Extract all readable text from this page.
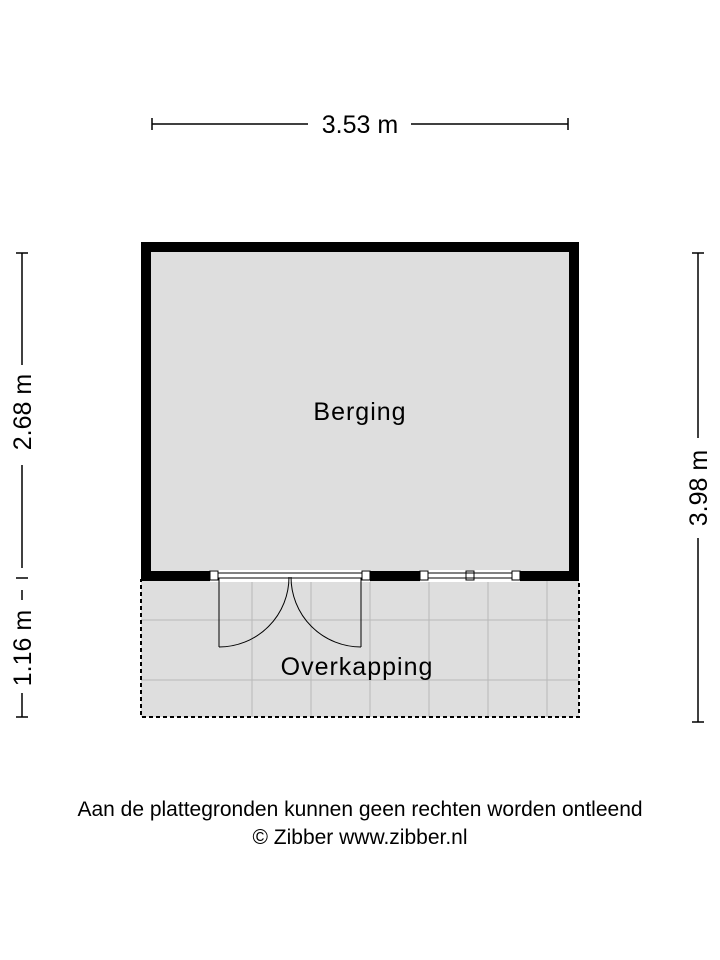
Berging
Overkapping
3.53 m
2.68 m
1.16 m
3.98 m
Aan de plattegronden kunnen geen rechten worden ontleend
© Zibber www.zibber.nl
